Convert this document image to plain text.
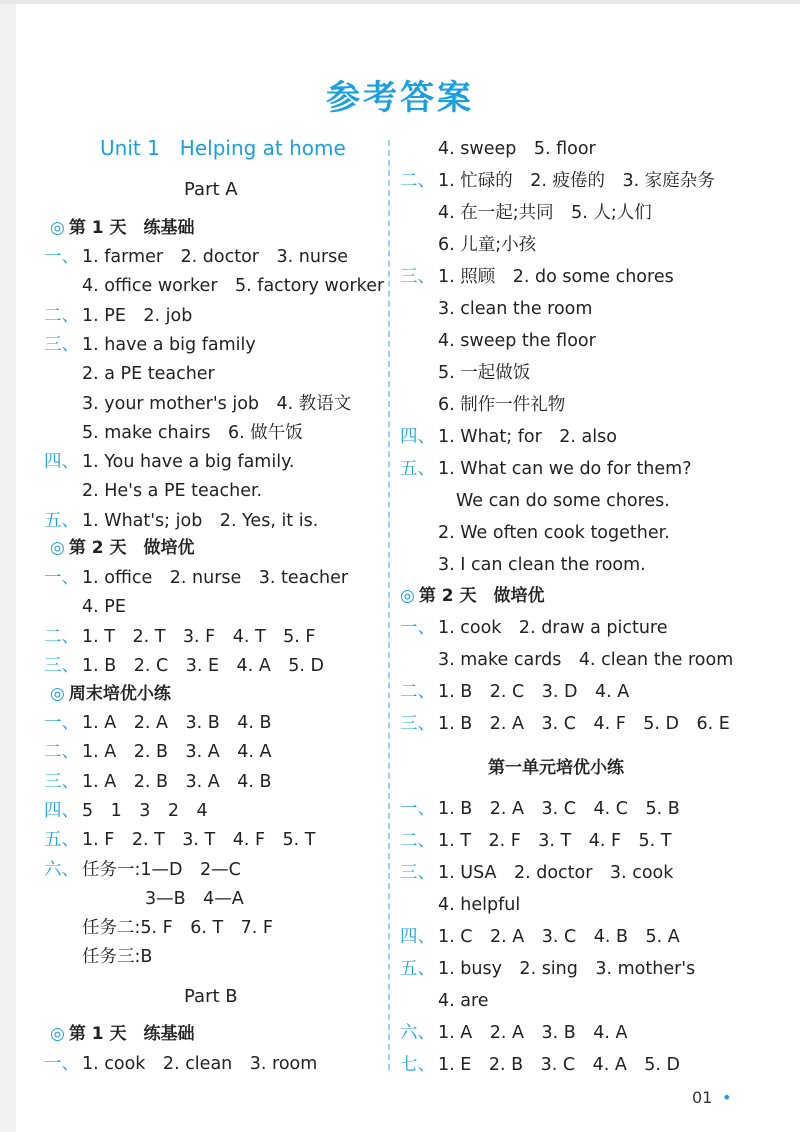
参考答案
Unit 1　Helping at home
Part A
◎ 第 1 天　练基础
一、 1. farmer　2. doctor　3. nurse
4. office worker　5. factory worker
二、 1. PE　2. job
三、 1. have a big family
2. a PE teacher
3. your mother's job　4. 教语文
5. make chairs　6. 做午饭
四、 1. You have a big family.
2. He's a PE teacher.
五、 1. What's; job　2. Yes, it is.
◎ 第 2 天　做培优
一、 1. office　2. nurse　3. teacher
4. PE
二、 1. T　2. T　3. F　4. T　5. F
三、 1. B　2. C　3. E　4. A　5. D
◎ 周末培优小练
一、 1. A　2. A　3. B　4. B
二、 1. A　2. B　3. A　4. A
三、 1. A　2. B　3. A　4. B
四、 5　1　3　2　4
五、 1. F　2. T　3. T　4. F　5. T
六、 任务一:1—D　2—C
3—B　4—A
任务二:5. F　6. T　7. F
任务三:B
Part B
◎ 第 1 天　练基础
一、 1. cook　2. clean　3. room
4. sweep　5. floor
二、 1. 忙碌的　2. 疲倦的　3. 家庭杂务
4. 在一起;共同　5. 人;人们
6. 儿童;小孩
三、 1. 照顾　2. do some chores
3. clean the room
4. sweep the floor
5. 一起做饭
6. 制作一件礼物
四、 1. What; for　2. also
五、 1. What can we do for them?
We can do some chores.
2. We often cook together.
3. I can clean the room.
◎ 第 2 天　做培优
一、 1. cook　2. draw a picture
3. make cards　4. clean the room
二、 1. B　2. C　3. D　4. A
三、 1. B　2. A　3. C　4. F　5. D　6. E
第一单元培优小练
一、 1. B　2. A　3. C　4. C　5. B
二、 1. T　2. F　3. T　4. F　5. T
三、 1. USA　2. doctor　3. cook
4. helpful
四、 1. C　2. A　3. C　4. B　5. A
五、 1. busy　2. sing　3. mother's
4. are
六、 1. A　2. A　3. B　4. A
七、 1. E　2. B　3. C　4. A　5. D
01 •
